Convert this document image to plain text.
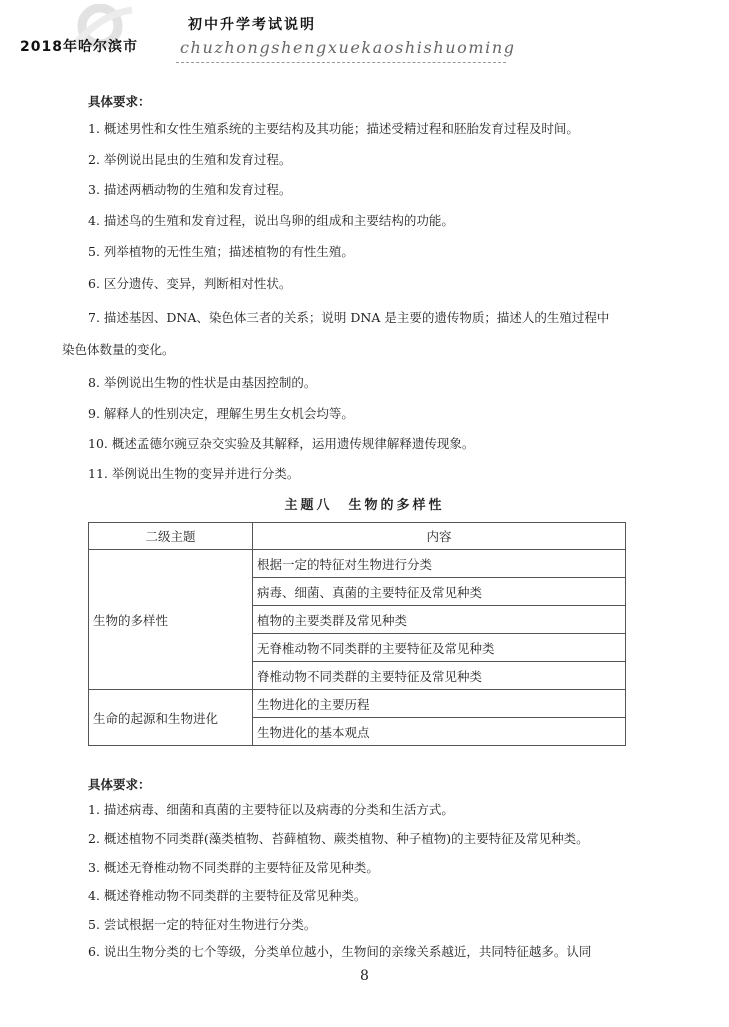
2018年哈尔滨市
初中升学考试说明
chuzhongshengxuekaoshishuoming
具体要求：
1. 概述男性和女性生殖系统的主要结构及其功能；描述受精过程和胚胎发育过程及时间。
2. 举例说出昆虫的生殖和发育过程。
3. 描述两栖动物的生殖和发育过程。
4. 描述鸟的生殖和发育过程，说出鸟卵的组成和主要结构的功能。
5. 列举植物的无性生殖；描述植物的有性生殖。
6. 区分遗传、变异，判断相对性状。
7. 描述基因、DNA、染色体三者的关系；说明 DNA 是主要的遗传物质；描述人的生殖过程中
染色体数量的变化。
8. 举例说出生物的性状是由基因控制的。
9. 解释人的性别决定，理解生男生女机会均等。
10. 概述孟德尔豌豆杂交实验及其解释，运用遗传规律解释遗传现象。
11. 举例说出生物的变异并进行分类。
主题八　生物的多样性
二级主题	内容
生物的多样性	根据一定的特征对生物进行分类
	病毒、细菌、真菌的主要特征及常见种类
	植物的主要类群及常见种类
	无脊椎动物不同类群的主要特征及常见种类
	脊椎动物不同类群的主要特征及常见种类
生命的起源和生物进化	生物进化的主要历程
	生物进化的基本观点
具体要求：
1. 描述病毒、细菌和真菌的主要特征以及病毒的分类和生活方式。
2. 概述植物不同类群(藻类植物、苔藓植物、蕨类植物、种子植物)的主要特征及常见种类。
3. 概述无脊椎动物不同类群的主要特征及常见种类。
4. 概述脊椎动物不同类群的主要特征及常见种类。
5. 尝试根据一定的特征对生物进行分类。
6. 说出生物分类的七个等级，分类单位越小，生物间的亲缘关系越近，共同特征越多。认同
8
